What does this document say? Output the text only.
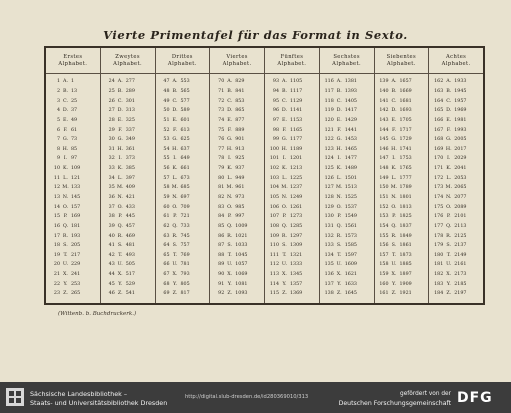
Vierte Primentafel für das Format in Sexto.
Erstes
Alphabet.
1 A. 1
2 B. 13
3 C. 25
4 D. 37
5 E. 49
6 F. 61
7 G. 73
8 H. 85
9 I. 97
10 K. 109
11 L. 121
12 M. 133
13 N. 145
14 O. 157
15 P. 169
16 Q. 181
17 R. 193
18 S. 205
19 T. 217
20 U. 229
21 X. 241
22 Y. 253
23 Z. 265
Zweytes
Alphabet.
24 A. 277
25 B. 289
26 C. 301
27 D. 313
28 E. 325
29 F. 337
30 G. 349
31 H. 361
32 I. 373
33 K. 385
34 L. 397
35 M. 409
36 N. 421
37 O. 433
38 P. 445
39 Q. 457
40 R. 469
41 S. 481
42 T. 493
43 U. 505
44 X. 517
45 Y. 529
46 Z. 541
Drittes
Alphabet.
47 A. 553
48 B. 565
49 C. 577
50 D. 589
51 E. 601
52 F. 613
53 G. 625
54 H. 637
55 I. 649
56 K. 661
57 L. 673
58 M. 685
59 N. 697
60 O. 709
61 P. 721
62 Q. 733
63 R. 745
64 S. 757
65 T. 769
66 U. 781
67 X. 793
68 Y. 805
69 Z. 817
Viertes
Alphabet.
70 A. 829
71 B. 841
72 C. 853
73 D. 865
74 E. 877
75 F. 889
76 G. 901
77 H. 913
78 I. 925
79 K. 937
80 L. 949
81 M. 961
82 N. 973
83 O. 985
84 P. 997
85 Q. 1009
86 R. 1021
87 S. 1033
88 T. 1045
89 U. 1057
90 X. 1069
91 Y. 1081
92 Z. 1093
Fünftes
Alphabet.
93 A. 1105
94 B. 1117
95 C. 1129
96 D. 1141
97 E. 1153
98 F. 1165
99 G. 1177
100 H. 1189
101 I. 1201
102 K. 1213
103 L. 1225
104 M. 1237
105 N. 1249
106 O. 1261
107 P. 1273
108 Q. 1285
109 R. 1297
110 S. 1309
111 T. 1321
112 U. 1333
113 X. 1345
114 Y. 1357
115 Z. 1369
Sechstes
Alphabet.
116 A. 1381
117 B. 1393
118 C. 1405
119 D. 1417
120 E. 1429
121 F. 1441
122 G. 1453
123 H. 1465
124 I. 1477
125 K. 1489
126 L. 1501
127 M. 1513
128 N. 1525
129 O. 1537
130 P. 1549
131 Q. 1561
132 R. 1573
133 S. 1585
134 T. 1597
135 U. 1609
136 X. 1621
137 Y. 1633
138 Z. 1645
Siebentes
Alphabet.
139 A. 1657
140 B. 1669
141 C. 1681
142 D. 1693
143 E. 1705
144 F. 1717
145 G. 1729
146 H. 1741
147 I. 1753
148 K. 1765
149 L. 1777
150 M. 1789
151 N. 1801
152 O. 1813
153 P. 1825
154 Q. 1837
155 R. 1849
156 S. 1861
157 T. 1873
158 U. 1885
159 X. 1897
160 Y. 1909
161 Z. 1921
Achtes
Alphabet.
162 A. 1933
163 B. 1945
164 C. 1957
165 D. 1969
166 E. 1981
167 F. 1993
168 G. 2005
169 H. 2017
170 I. 2029
171 K. 2041
172 L. 2053
173 M. 2065
174 N. 2077
175 O. 2089
176 P. 2101
177 Q. 2113
178 R. 2125
179 S. 2137
180 T. 2149
181 U. 2161
182 X. 2173
183 Y. 2185
184 Z. 2197
(Wittenb. b. Buchdruckerk.)
Sächsische Landesbibliothek –
Staats- und Universitätsbibliothek Dresden
http://digital.slub-dresden.de/id280369010/313	gefördert von der
Deutschen Forschungsgemeinschaft DFG
